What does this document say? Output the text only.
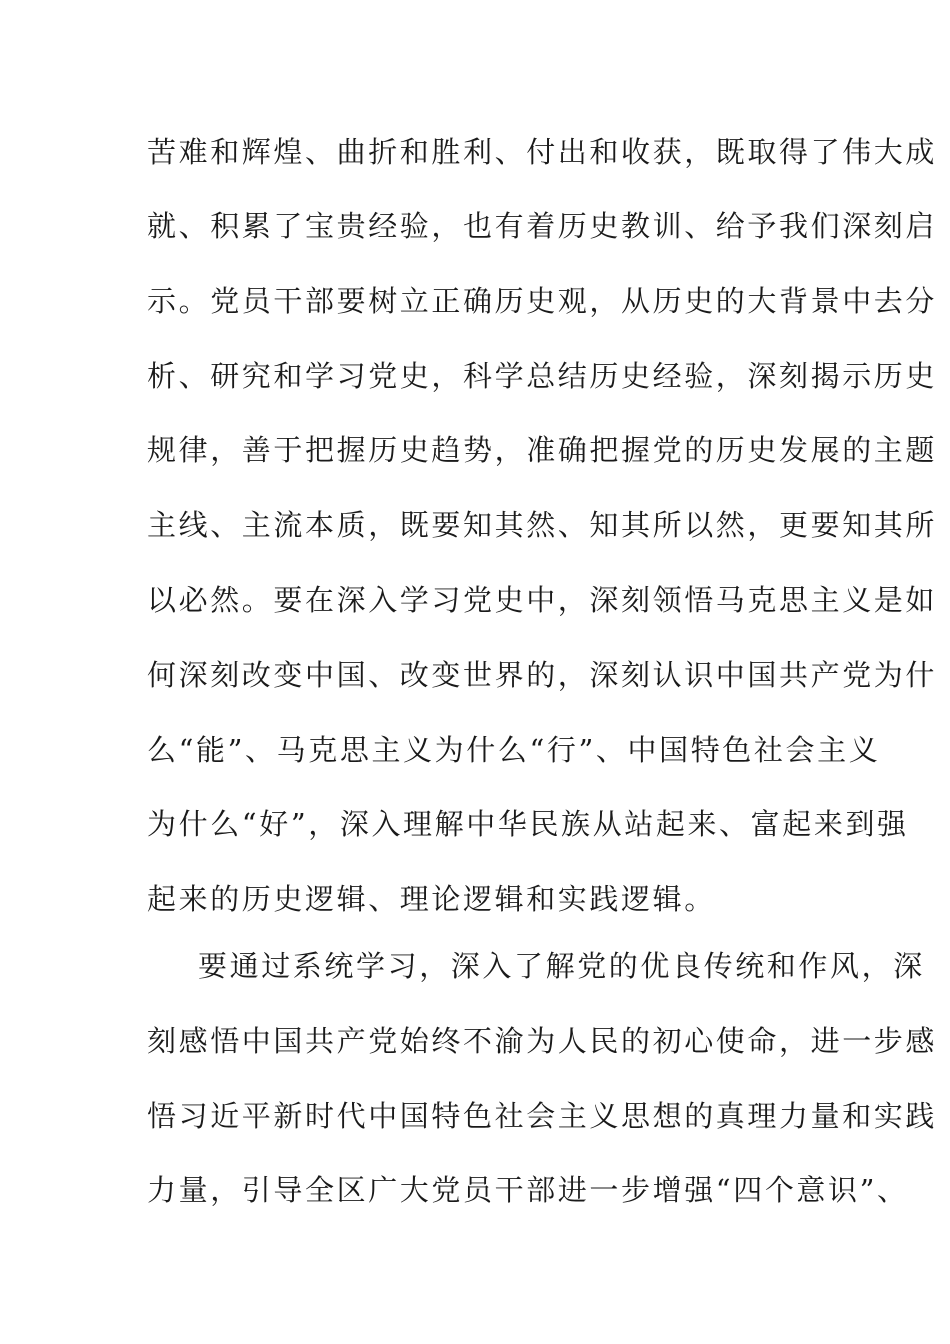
苦难和辉煌、曲折和胜利、付出和收获，既取得了伟大成
就、积累了宝贵经验，也有着历史教训、给予我们深刻启
示。党员干部要树立正确历史观，从历史的大背景中去分
析、研究和学习党史，科学总结历史经验，深刻揭示历史
规律，善于把握历史趋势，准确把握党的历史发展的主题
主线、主流本质，既要知其然、知其所以然，更要知其所
以必然。要在深入学习党史中，深刻领悟马克思主义是如
何深刻改变中国、改变世界的，深刻认识中国共产党为什
么“能”、马克思主义为什么“行”、中国特色社会主义
为什么“好”，深入理解中华民族从站起来、富起来到强
起来的历史逻辑、理论逻辑和实践逻辑。
要通过系统学习，深入了解党的优良传统和作风，深
刻感悟中国共产党始终不渝为人民的初心使命，进一步感
悟习近平新时代中国特色社会主义思想的真理力量和实践
力量，引导全区广大党员干部进一步增强“四个意识”、
